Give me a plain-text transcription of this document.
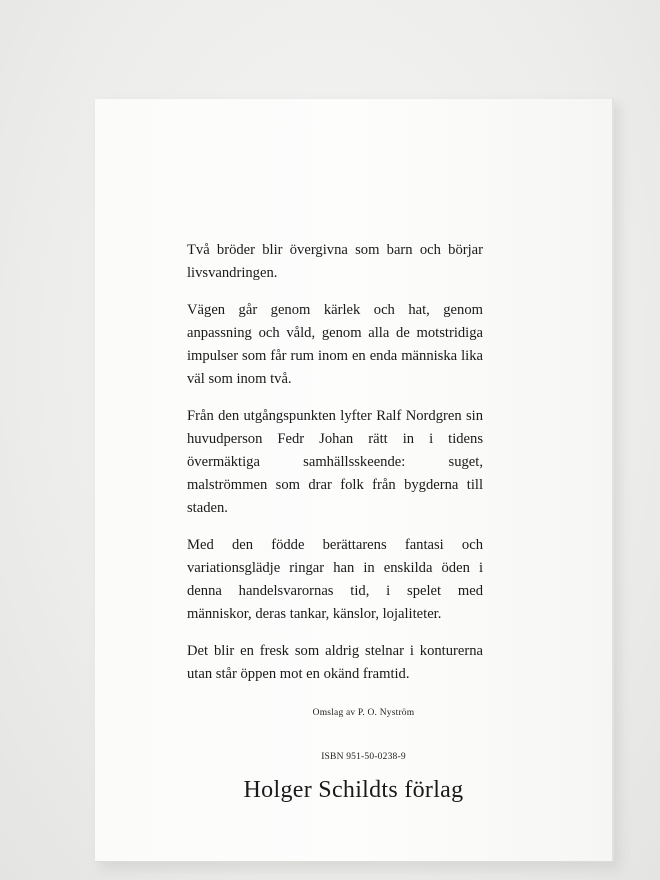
Två bröder blir övergivna som barn och börjar livsvandringen.

Vägen går genom kärlek och hat, genom anpassning och våld, genom alla de motstridiga impulser som får rum inom en enda människa lika väl som inom två.

Från den utgångspunkten lyfter Ralf Nordgren sin huvudperson Fedr Johan rätt in i tidens övermäktiga samhällsskeende: suget, malströmmen som drar folk från bygderna till staden.

Med den födde berättarens fantasi och variationsglädje ringar han in enskilda öden i denna handelsvarornas tid, i spelet med människor, deras tankar, känslor, lojaliteter.

Det blir en fresk som aldrig stelnar i konturerna utan står öppen mot en okänd framtid.

Omslag av P. O. Nyström
ISBN 951-50-0238-9
Holger Schildts förlag
